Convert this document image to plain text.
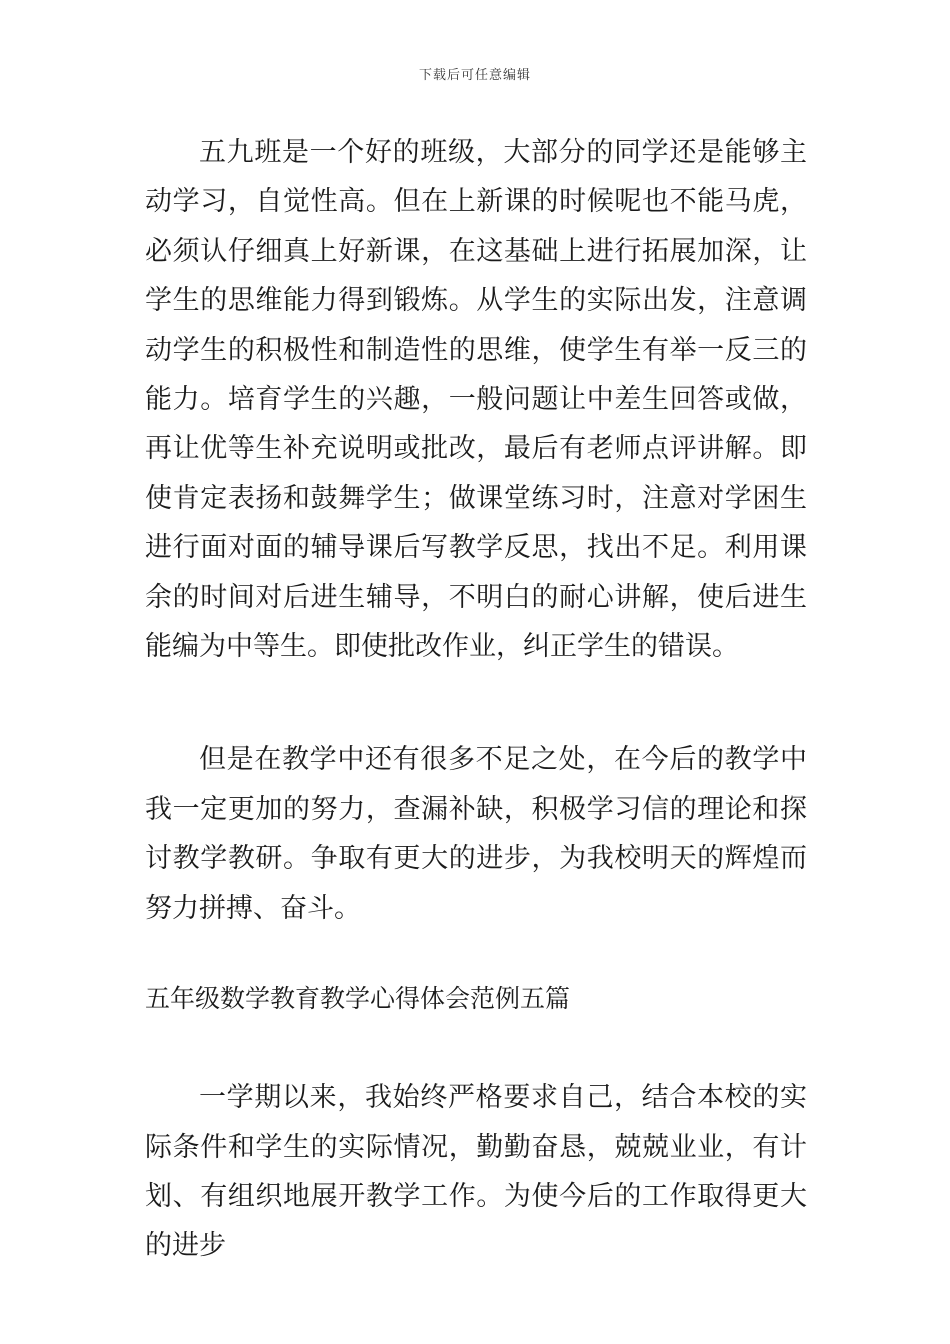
下载后可任意编辑

五九班是一个好的班级，大部分的同学还是能够主动学习，自觉性高。但在上新课的时候呢也不能马虎，必须认仔细真上好新课，在这基础上进行拓展加深，让学生的思维能力得到锻炼。从学生的实际出发，注意调动学生的积极性和制造性的思维，使学生有举一反三的能力。培育学生的兴趣，一般问题让中差生回答或做，再让优等生补充说明或批改，最后有老师点评讲解。即使肯定表扬和鼓舞学生；做课堂练习时，注意对学困生进行面对面的辅导课后写教学反思，找出不足。利用课余的时间对后进生辅导，不明白的耐心讲解，使后进生能编为中等生。即使批改作业，纠正学生的错误。

但是在教学中还有很多不足之处，在今后的教学中我一定更加的努力，查漏补缺，积极学习信的理论和探讨教学教研。争取有更大的进步，为我校明天的辉煌而努力拼搏、奋斗。

五年级数学教育教学心得体会范例五篇

一学期以来，我始终严格要求自己，结合本校的实际条件和学生的实际情况，勤勤奋恳，兢兢业业，有计划、有组织地展开教学工作。为使今后的工作取得更大的进步
